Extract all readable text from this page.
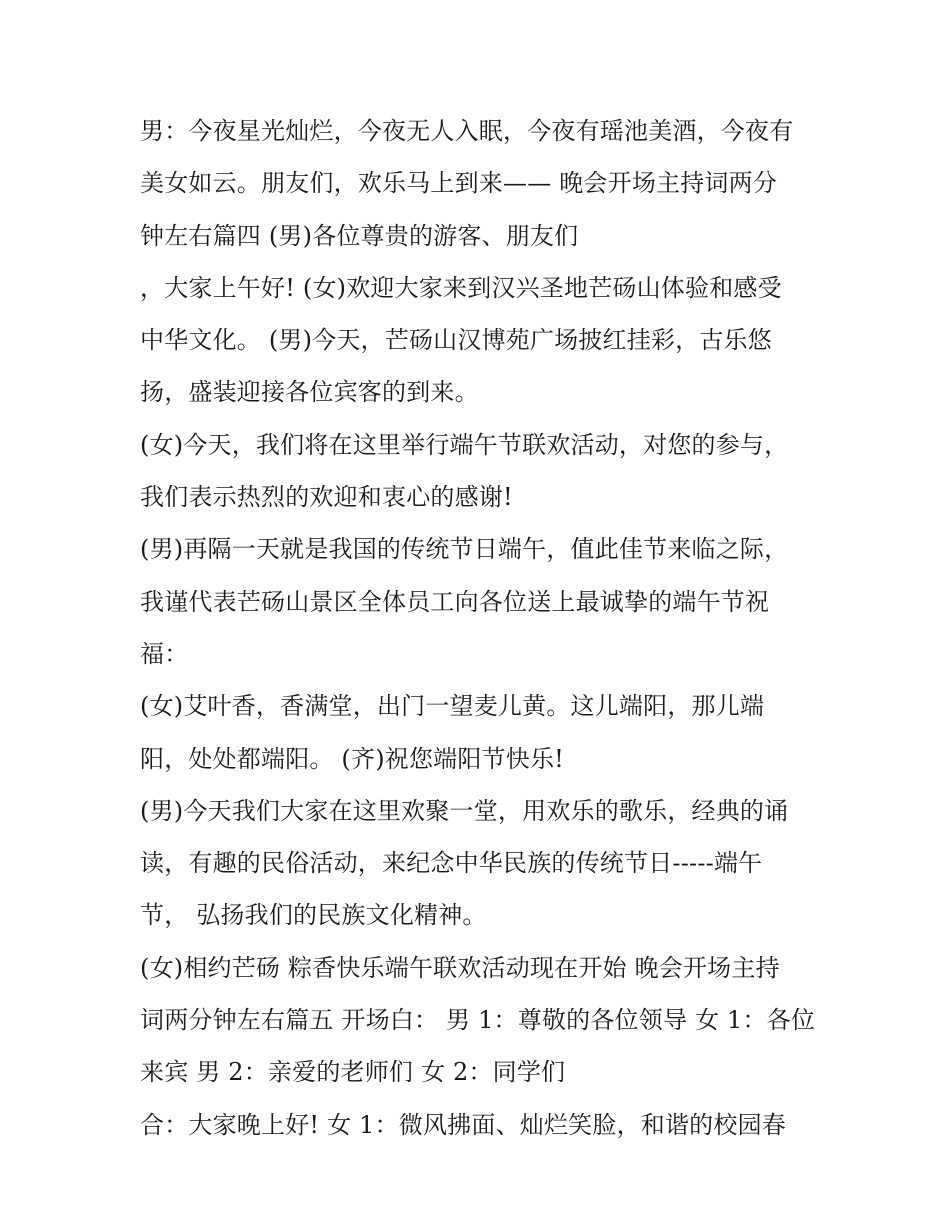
男：今夜星光灿烂，今夜无人入眠，今夜有瑶池美酒，今夜有
美女如云。朋友们，欢乐马上到来—— 晚会开场主持词两分
钟左右篇四 (男)各位尊贵的游客、朋友们
，大家上午好! (女)欢迎大家来到汉兴圣地芒砀山体验和感受
中华文化。 (男)今天，芒砀山汉博苑广场披红挂彩，古乐悠
扬，盛装迎接各位宾客的到来。
(女)今天，我们将在这里举行端午节联欢活动，对您的参与，
我们表示热烈的欢迎和衷心的感谢!
(男)再隔一天就是我国的传统节日端午，值此佳节来临之际，
我谨代表芒砀山景区全体员工向各位送上最诚挚的端午节祝
福：
(女)艾叶香，香满堂，出门一望麦儿黄。这儿端阳，那儿端
阳，处处都端阳。 (齐)祝您端阳节快乐!
(男)今天我们大家在这里欢聚一堂，用欢乐的歌乐，经典的诵
读，有趣的民俗活动，来纪念中华民族的传统节日-----端午
节， 弘扬我们的民族文化精神。
(女)相约芒砀 粽香快乐端午联欢活动现在开始 晚会开场主持
词两分钟左右篇五 开场白： 男 1：尊敬的各位领导 女 1：各位
来宾 男 2：亲爱的老师们 女 2：同学们
合：大家晚上好! 女 1：微风拂面、灿烂笑脸，和谐的校园春
